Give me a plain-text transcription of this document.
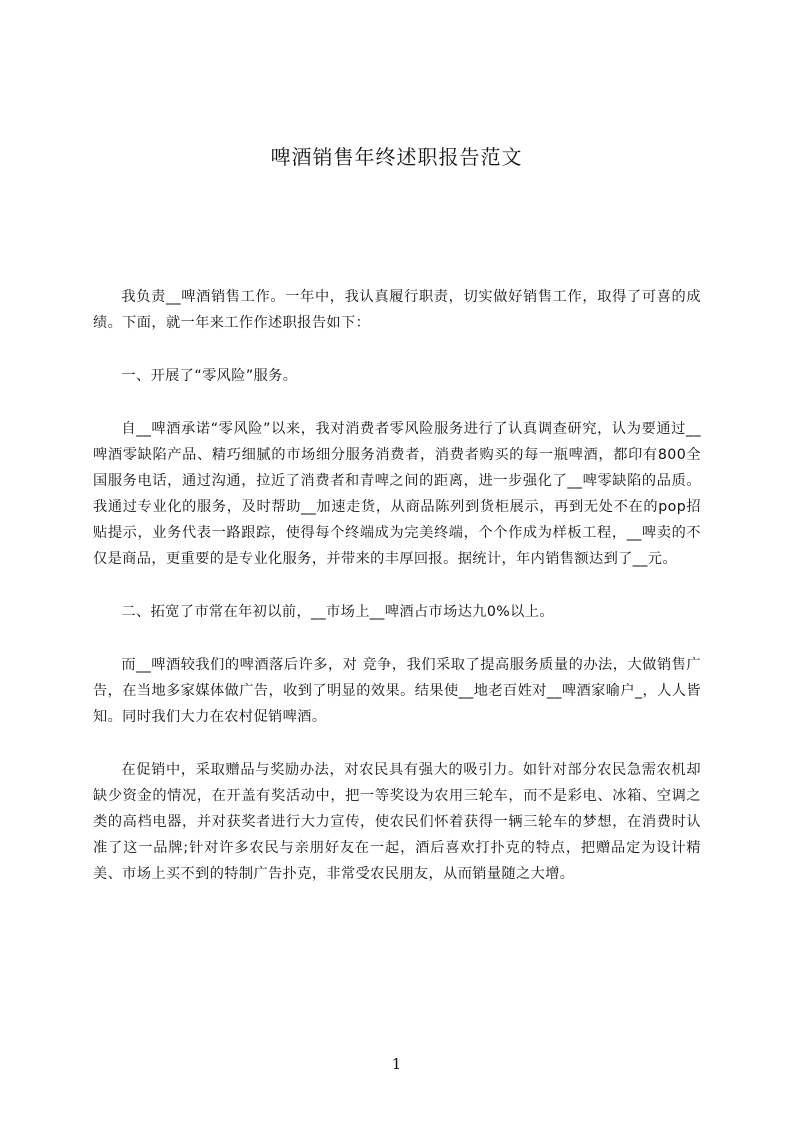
啤酒销售年终述职报告范文

我负责__啤酒销售工作。一年中，我认真履行职责，切实做好销售工作，取得了可喜的成绩。下面，就一年来工作作述职报告如下：

一、开展了“零风险”服务。

自__啤酒承诺“零风险”以来，我对消费者零风险服务进行了认真调查研究，认为要通过__啤酒零缺陷产品、精巧细腻的市场细分服务消费者，消费者购买的每一瓶啤酒，都印有800全国服务电话，通过沟通，拉近了消费者和青啤之间的距离，进一步强化了__啤零缺陷的品质。我通过专业化的服务，及时帮助__加速走货，从商品陈列到货柜展示，再到无处不在的pop招贴提示，业务代表一路跟踪，使得每个终端成为完美终端，个个作成为样板工程，__啤卖的不仅是商品，更重要的是专业化服务，并带来的丰厚回报。据统计，年内销售额达到了__元。

二、拓宽了市常在年初以前，__市场上__啤酒占市场达九0%以上。

而__啤酒较我们的啤酒落后许多，对 竞争，我们采取了提高服务质量的办法，大做销售广告，在当地多家媒体做广告，收到了明显的效果。结果使__地老百姓对__啤酒家喻户_，人人皆知。同时我们大力在农村促销啤酒。

在促销中，采取赠品与奖励办法，对农民具有强大的吸引力。如针对部分农民急需农机却缺少资金的情况，在开盖有奖活动中，把一等奖设为农用三轮车，而不是彩电、冰箱、空调之类的高档电器，并对获奖者进行大力宣传，使农民们怀着获得一辆三轮车的梦想，在消费时认准了这一品牌;针对许多农民与亲朋好友在一起，酒后喜欢打扑克的特点，把赠品定为设计精美、市场上买不到的特制广告扑克，非常受农民朋友，从而销量随之大增。

1
